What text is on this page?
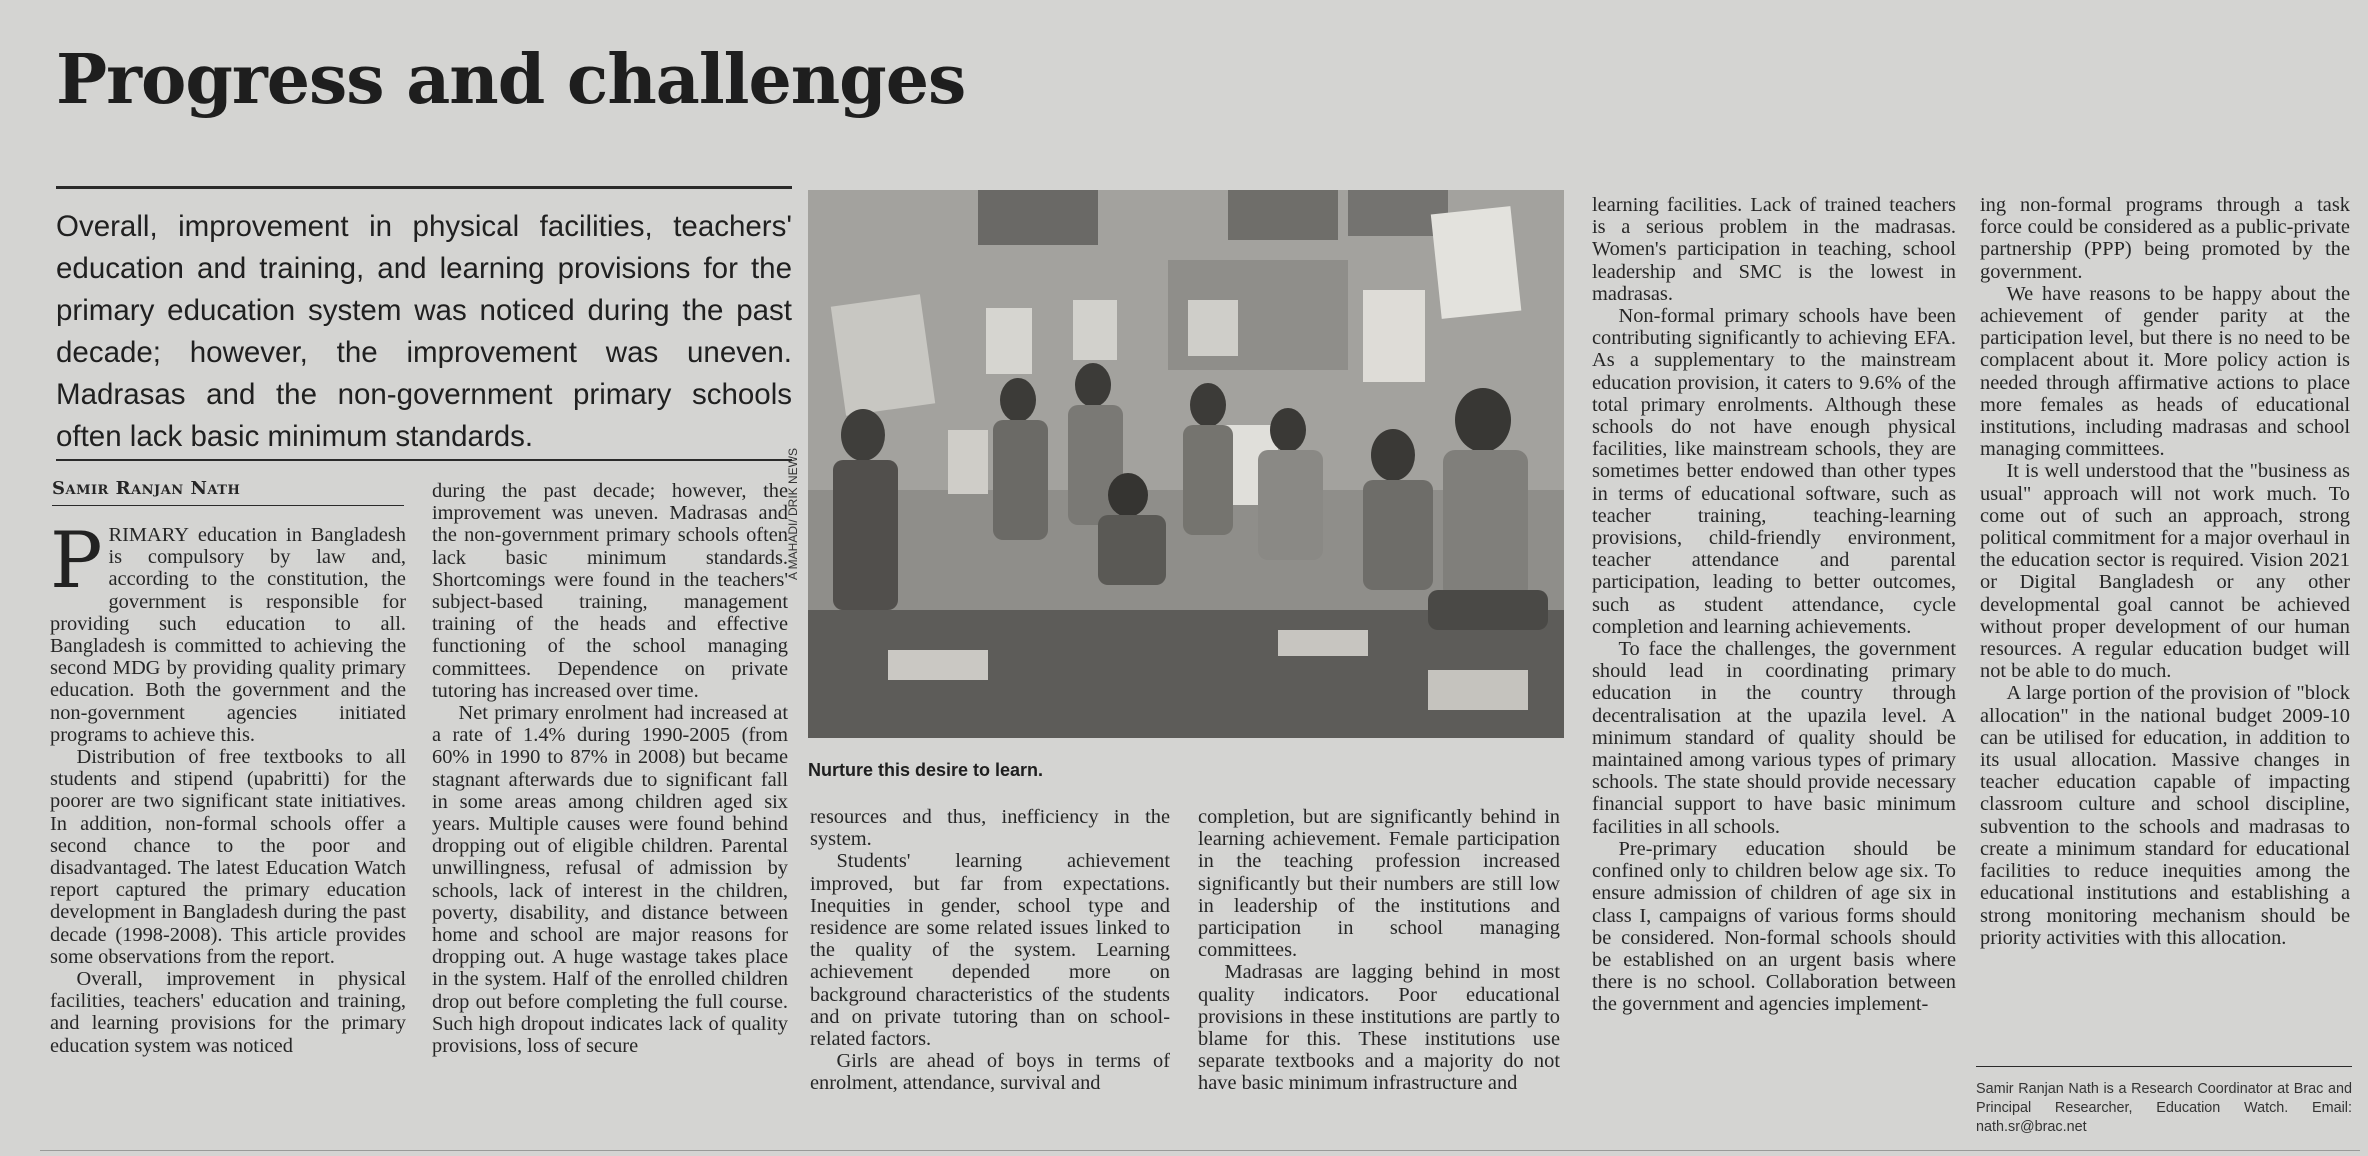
Progress and challenges

Overall, improvement in physical facilities, teachers' education and training, and learning provisions for the primary education system was noticed during the past decade; however, the improvement was uneven. Madrasas and the non-government primary schools often lack basic minimum standards.

Samir Ranjan Nath

PRIMARY education in Bangladesh is compulsory by law and, according to the constitution, the government is responsible for providing such education to all. Bangladesh is committed to achieving the second MDG by providing quality primary education. Both the government and the non-government agencies initiated programs to achieve this.

Distribution of free textbooks to all students and stipend (upabritti) for the poorer are two significant state initiatives. In addition, non-formal schools offer a second chance to the poor and disadvantaged. The latest Education Watch report captured the primary education development in Bangladesh during the past decade (1998-2008). This article provides some observations from the report.

Overall, improvement in physical facilities, teachers' education and training, and learning provisions for the primary education system was noticed

during the past decade; however, the improvement was uneven. Madrasas and the non-government primary schools often lack basic minimum standards. Shortcomings were found in the teachers' subject-based training, management training of the heads and effective functioning of the school managing committees. Dependence on private tutoring has increased over time.

Net primary enrolment had increased at a rate of 1.4% during 1990-2005 (from 60% in 1990 to 87% in 2008) but became stagnant afterwards due to significant fall in some areas among children aged six years. Multiple causes were found behind dropping out of eligible children. Parental unwillingness, refusal of admission by schools, lack of interest in the children, poverty, disability, and distance between home and school are major reasons for dropping out. A huge wastage takes place in the system. Half of the enrolled children drop out before completing the full course. Such high dropout indicates lack of quality provisions, loss of secure

A MAHADI/ DRIK NEWS
Nurture this desire to learn.

resources and thus, inefficiency in the system.

Students' learning achievement improved, but far from expectations. Inequities in gender, school type and residence are some related issues linked to the quality of the system. Learning achievement depended more on background characteristics of the students and on private tutoring than on school-related factors.

Girls are ahead of boys in terms of enrolment, attendance, survival and

completion, but are significantly behind in learning achievement. Female participation in the teaching profession increased significantly but their numbers are still low in leadership of the institutions and participation in school managing committees.

Madrasas are lagging behind in most quality indicators. Poor educational provisions in these institutions are partly to blame for this. These institutions use separate textbooks and a majority do not have basic minimum infrastructure and

learning facilities. Lack of trained teachers is a serious problem in the madrasas. Women's participation in teaching, school leadership and SMC is the lowest in madrasas.

Non-formal primary schools have been contributing significantly to achieving EFA. As a supplementary to the mainstream education provision, it caters to 9.6% of the total primary enrolments. Although these schools do not have enough physical facilities, like mainstream schools, they are sometimes better endowed than other types in terms of educational software, such as teacher training, teaching-learning provisions, child-friendly environment, teacher attendance and parental participation, leading to better outcomes, such as student attendance, cycle completion and learning achievements.

To face the challenges, the government should lead in coordinating primary education in the country through decentralisation at the upazila level. A minimum standard of quality should be maintained among various types of primary schools. The state should provide necessary financial support to have basic minimum facilities in all schools.

Pre-primary education should be confined only to children below age six. To ensure admission of children of age six in class I, campaigns of various forms should be considered. Non-formal schools should be established on an urgent basis where there is no school. Collaboration between the government and agencies implement-

ing non-formal programs through a task force could be considered as a public-private partnership (PPP) being promoted by the government.

We have reasons to be happy about the achievement of gender parity at the participation level, but there is no need to be complacent about it. More policy action is needed through affirmative actions to place more females as heads of educational institutions, including madrasas and school managing committees.

It is well understood that the "business as usual" approach will not work much. To come out of such an approach, strong political commitment for a major overhaul in the education sector is required. Vision 2021 or Digital Bangladesh or any other developmental goal cannot be achieved without proper development of our human resources. A regular education budget will not be able to do much.

A large portion of the provision of "block allocation" in the national budget 2009-10 can be utilised for education, in addition to its usual allocation. Massive changes in teacher education capable of impacting classroom culture and school discipline, subvention to the schools and madrasas to create a minimum standard for educational facilities to reduce inequities among the educational institutions and establishing a strong monitoring mechanism should be priority activities with this allocation.

Samir Ranjan Nath is a Research Coordinator at Brac and Principal Researcher, Education Watch. Email: nath.sr@brac.net
